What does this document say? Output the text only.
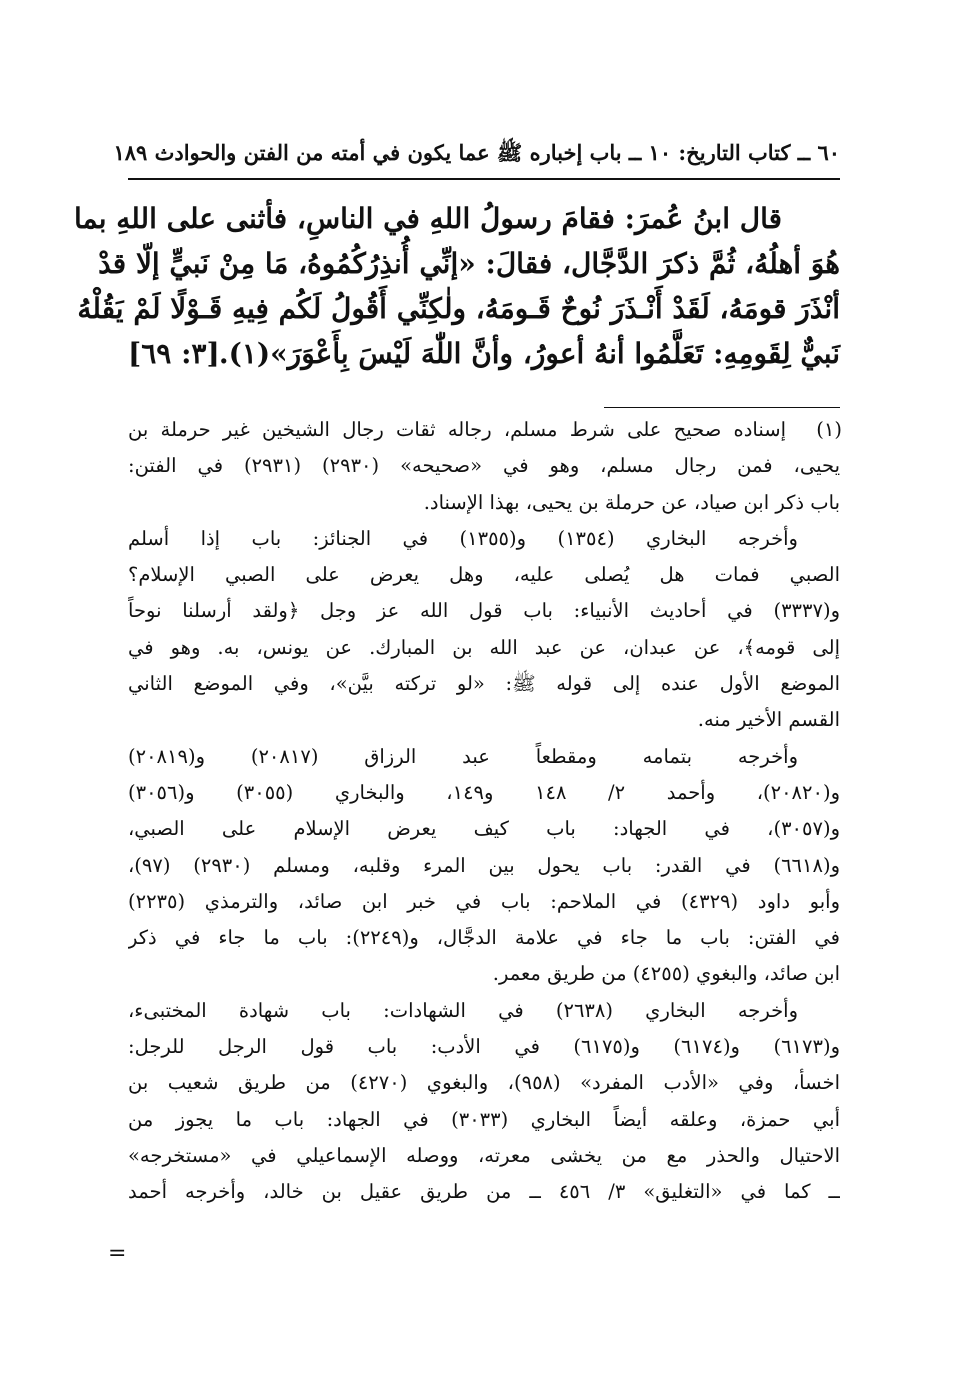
٦٠ ــ كتاب التاريخ: ١٠ ــ باب إخباره ﷺ عما يكون في أمته من الفتن والحوادث ١٨٩
قال ابنُ عُمرَ: فقامَ رسولُ اللهِ في الناسِ، فأثنى على اللهِ بما
هُوَ أهلُهُ، ثُمَّ ذكرَ الدَّجَّال، فقالَ: «إنِّي أُنذِرُكُمُوهُ، مَا مِنْ نَبيٍّ إلّا قدْ
أنْذَرَ قومَهُ، لَقَدْ أَنْـذَرَ نُوحٌ قَـومَهُ، ولٰكِنِّي أَقُولُ لَكُم فِيهِ قَـوْلًا لَمْ يَقُلْهُ
نَبيٌّ لِقَومِهِ: تَعَلَّمُوا أنهُ أعورُ، وأنَّ اللّٰهَ لَيْسَ بِأَعْوَرَ»(١).
[٣: ٦٩]
إسناده صحيح على شرط مسلم، رجاله ثقات رجال الشيخين غير حرملة بن
يحيى، فمن رجال مسلم، وهو في «صحيحه» (٢٩٣٠) (٢٩٣١) في الفتن:
باب ذكر ابن صياد، عن حرملة بن يحيى، بهذا الإسناد.
وأخرجه البخاري (١٣٥٤) و(١٣٥٥) في الجنائز: باب إذا أسلم
الصبي فمات هل يُصلى عليه، وهل يعرض على الصبي الإسلام؟
و(٣٣٣٧) في أحاديث الأنبياء: باب قول الله عز وجل ﴿ولقد أرسلنا نوحاً
إلى قومه﴾، عن عبدان، عن عبد الله بن المبارك. عن يونس، به. وهو في
الموضع الأول عنده إلى قوله ﷺ: «لو تركته بيَّن»، وفي الموضع الثاني
القسم الأخير منه.
وأخرجه بتمامه ومقطعاً عبد الرزاق (٢٠٨١٧) و(٢٠٨١٩)
و(٢٠٨٢٠)، وأحمد ٢/ ١٤٨ و١٤٩، والبخاري (٣٠٥٥) و(٣٠٥٦)
و(٣٠٥٧)، في الجهاد: باب كيف يعرض الإسلام على الصبي،
و(٦٦١٨) في القدر: باب يحول بين المرء وقلبه، ومسلم (٢٩٣٠) (٩٧)،
وأبو داود (٤٣٢٩) في الملاحم: باب في خبر ابن صائد، والترمذي (٢٢٣٥)
في الفتن: باب ما جاء في علامة الدجَّال، و(٢٢٤٩): باب ما جاء في ذكر
ابن صائد، والبغوي (٤٢٥٥) من طريق معمر.
وأخرجه البخاري (٢٦٣٨) في الشهادات: باب شهادة المختبىء،
و(٦١٧٣) و(٦١٧٤) و(٦١٧٥) في الأدب: باب قول الرجل للرجل:
اخسأ، وفي «الأدب المفرد» (٩٥٨)، والبغوي (٤٢٧٠) من طريق شعيب بن
أبي حمزة، وعلقه أيضاً البخاري (٣٠٣٣) في الجهاد: باب ما يجوز من
الاحتيال والحذر مع من يخشى معرته، ووصله الإسماعيلي في «مستخرجه»
ــ كما في «التغليق» ٣/ ٤٥٦ ــ من طريق عقيل بن خالد، وأخرجه أحمد
(١)
=
